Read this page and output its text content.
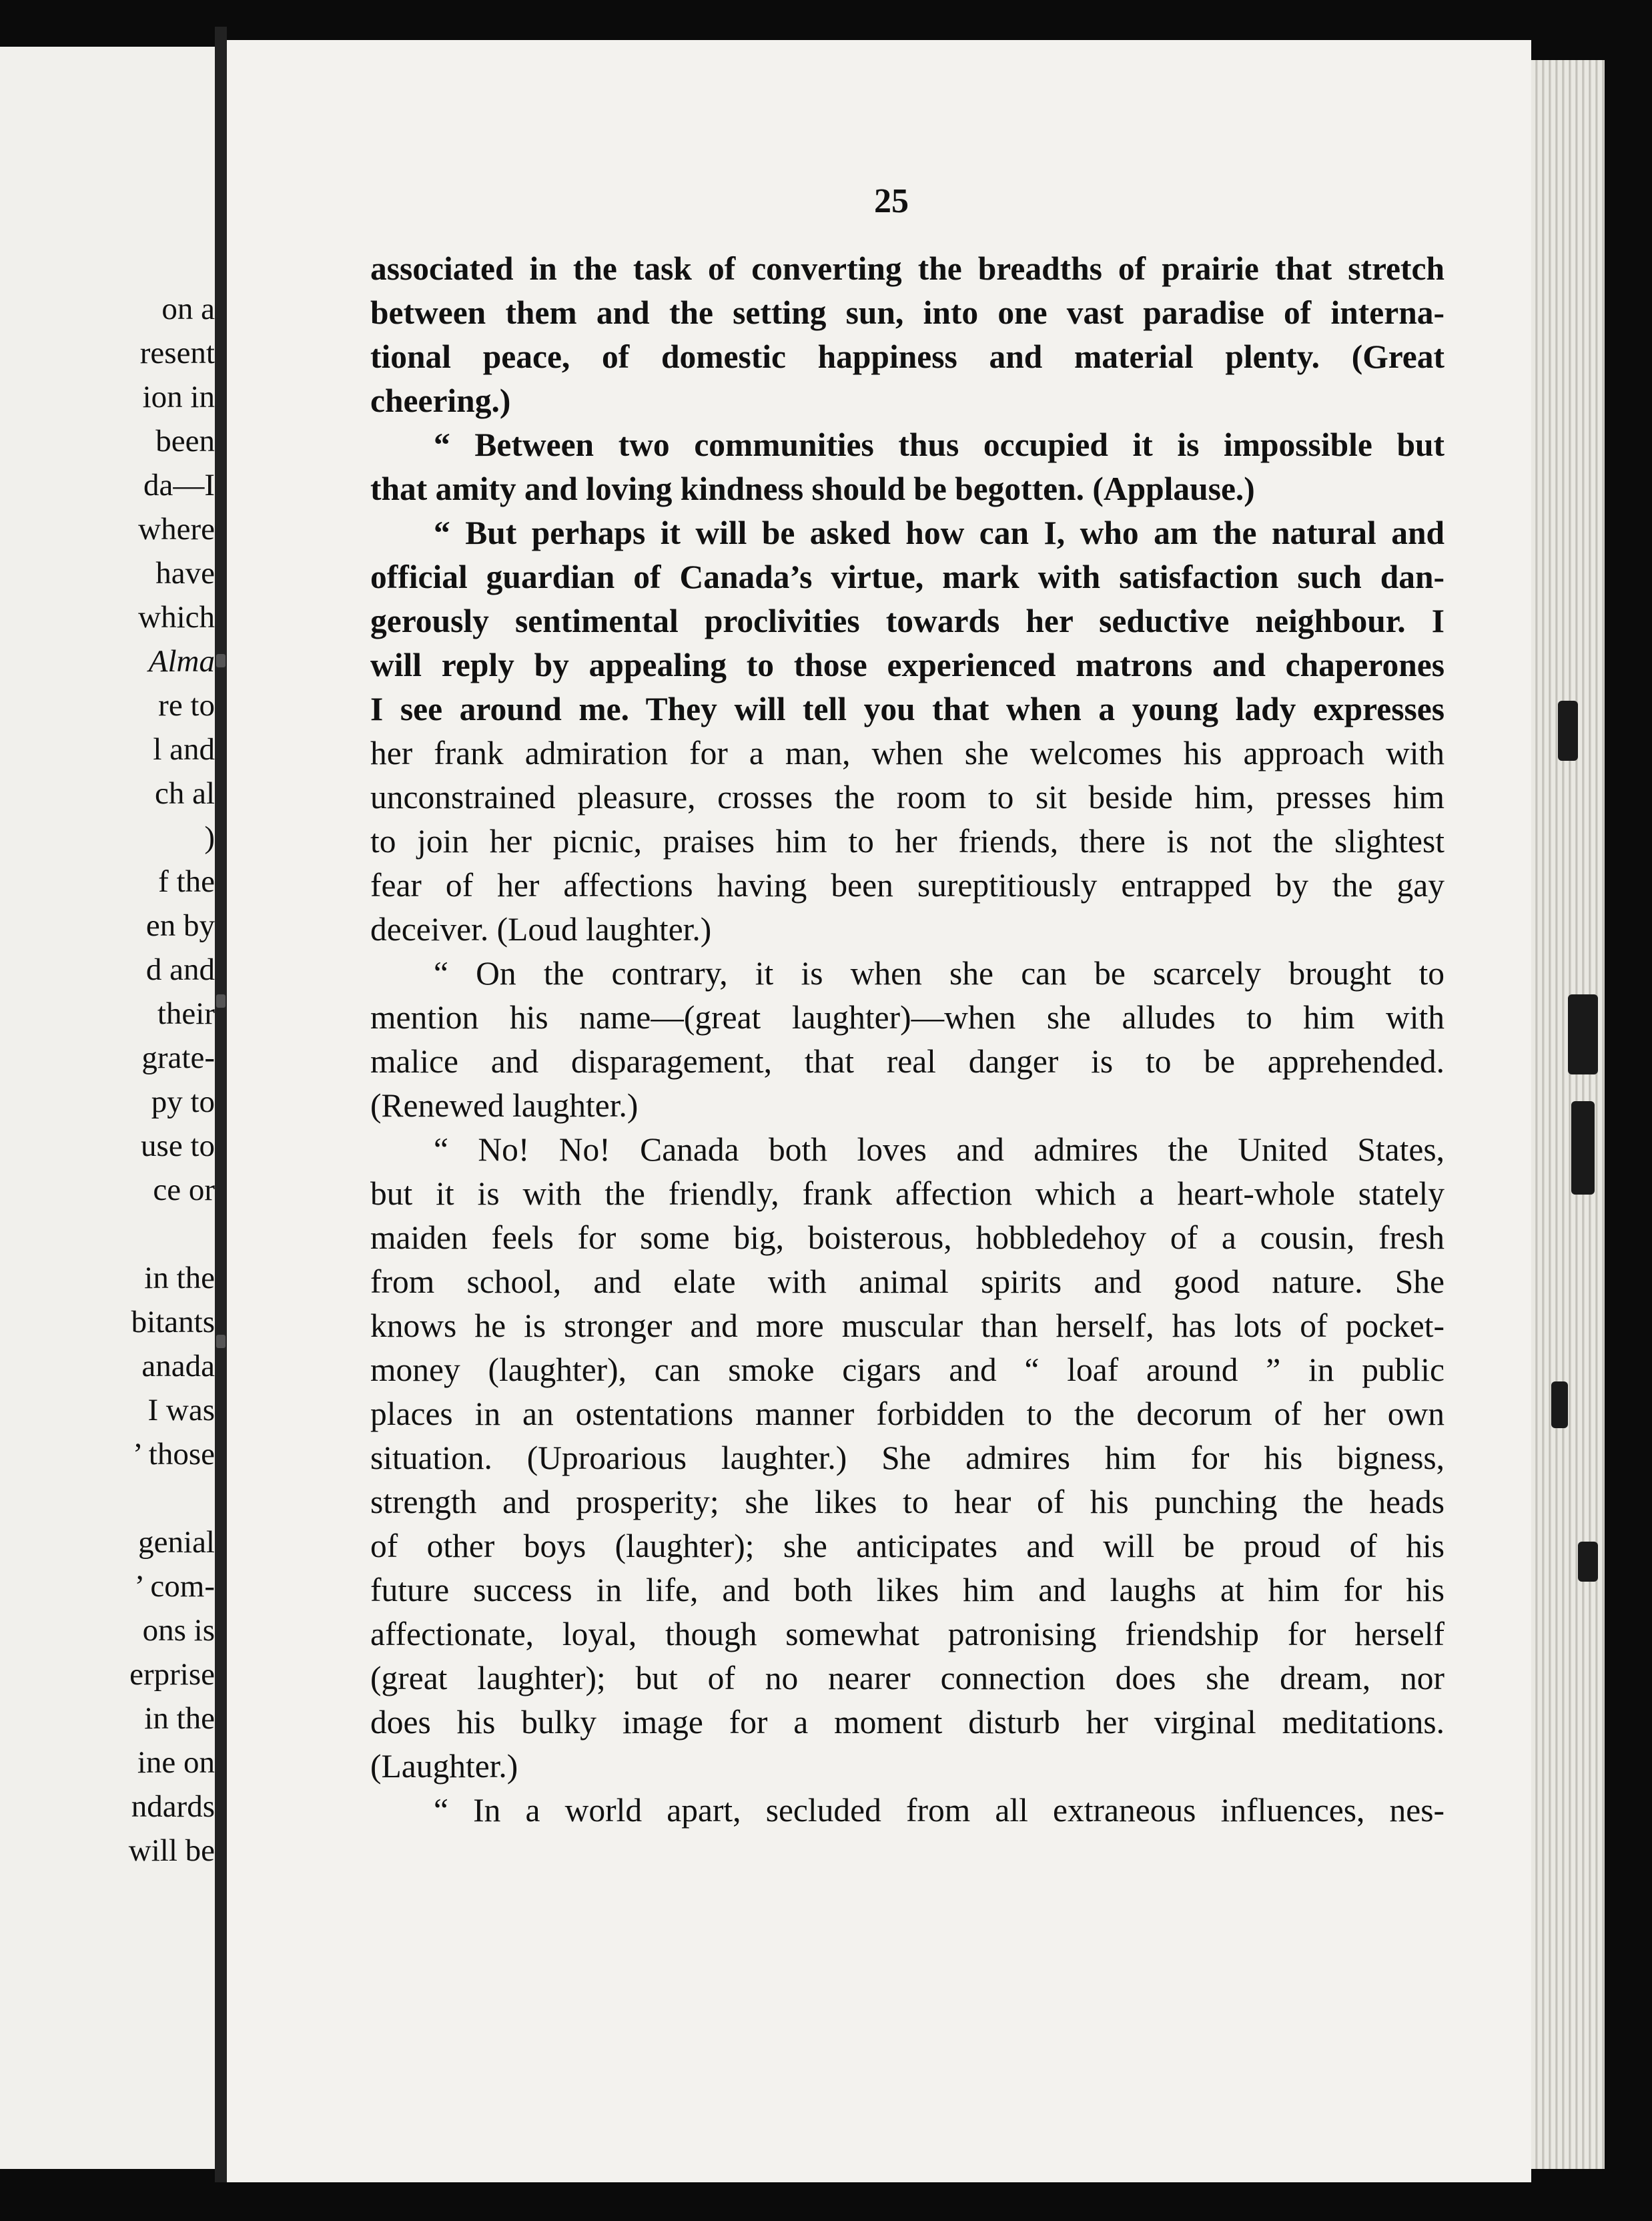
on a
resent
ion in
been
da—I
where
have
which
Alma
re to
l and
ch al
)
f the
en by
d and
their
grate-
py to
use to
ce or
in the
bitants
anada
I was
’ those
genial
’ com-
ons is
erprise
in the
ine on
ndards
will be
25
associated in the task of converting the breadths of prairie that stretch
between them and the setting sun, into one vast paradise of interna-
tional peace, of domestic happiness and material plenty. (Great
cheering.)
“ Between two communities thus occupied it is impossible but
that amity and loving kindness should be begotten. (Applause.)
“ But perhaps it will be asked how can I, who am the natural and
official guardian of Canada’s virtue, mark with satisfaction such dan-
gerously sentimental proclivities towards her seductive neighbour. I
will reply by appealing to those experienced matrons and chaperones
I see around me. They will tell you that when a young lady expresses
her frank admiration for a man, when she welcomes his approach with
unconstrained pleasure, crosses the room to sit beside him, presses him
to join her picnic, praises him to her friends, there is not the slightest
fear of her affections having been sureptitiously entrapped by the gay
deceiver. (Loud laughter.)
“ On the contrary, it is when she can be scarcely brought to
mention his name—(great laughter)—when she alludes to him with
malice and disparagement, that real danger is to be apprehended.
(Renewed laughter.)
“ No! No! Canada both loves and admires the United States,
but it is with the friendly, frank affection which a heart-whole stately
maiden feels for some big, boisterous, hobbledehoy of a cousin, fresh
from school, and elate with animal spirits and good nature. She
knows he is stronger and more muscular than herself, has lots of pocket-
money (laughter), can smoke cigars and “ loaf around ” in public
places in an ostentations manner forbidden to the decorum of her own
situation. (Uproarious laughter.) She admires him for his bigness,
strength and prosperity; she likes to hear of his punching the heads
of other boys (laughter); she anticipates and will be proud of his
future success in life, and both likes him and laughs at him for his
affectionate, loyal, though somewhat patronising friendship for herself
(great laughter); but of no nearer connection does she dream, nor
does his bulky image for a moment disturb her virginal meditations.
(Laughter.)
“ In a world apart, secluded from all extraneous influences, nes-
